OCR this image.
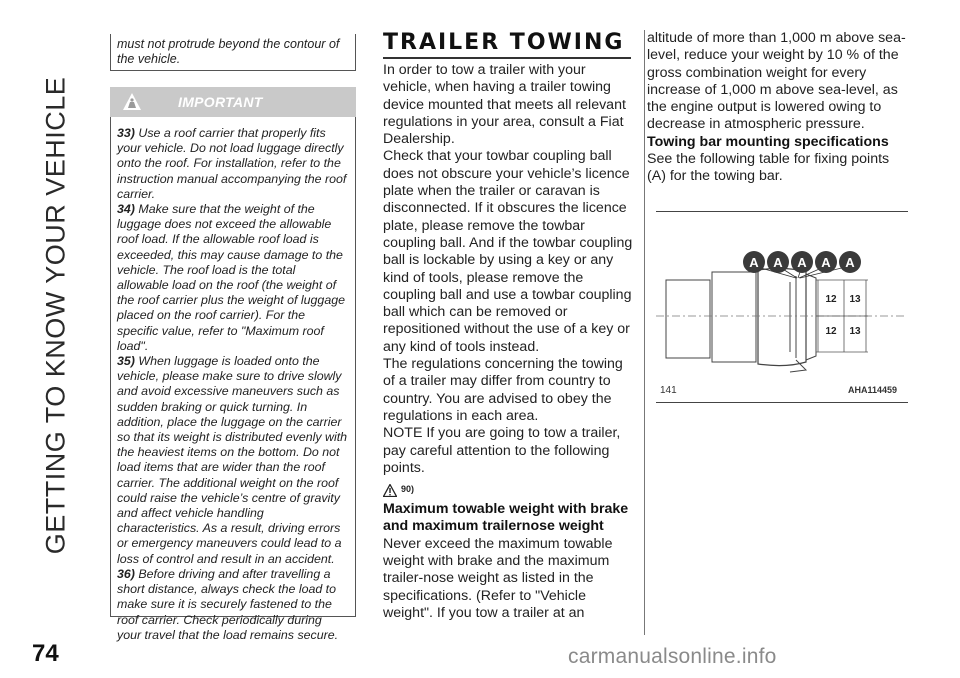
GETTING TO KNOW YOUR VEHICLE
must not protrude beyond the contour of the vehicle.
IMPORTANT

33) Use a roof carrier that properly fits your vehicle. Do not load luggage directly onto the roof. For installation, refer to the instruction manual accompanying the roof carrier.

34) Make sure that the weight of the luggage does not exceed the allowable roof load. If the allowable roof load is exceeded, this may cause damage to the vehicle. The roof load is the total allowable load on the roof (the weight of the roof carrier plus the weight of luggage placed on the roof carrier). For the specific value, refer to "Maximum roof load".

35) When luggage is loaded onto the vehicle, please make sure to drive slowly and avoid excessive maneuvers such as sudden braking or quick turning. In addition, place the luggage on the carrier so that its weight is distributed evenly with the heaviest items on the bottom. Do not load items that are wider than the roof carrier. The additional weight on the roof could raise the vehicle’s centre of gravity and affect vehicle handling characteristics. As a result, driving errors or emergency maneuvers could lead to a loss of control and result in an accident.

36) Before driving and after travelling a short distance, always check the load to make sure it is securely fastened to the roof carrier. Check periodically during your travel that the load remains secure.

TRAILER TOWING

In order to tow a trailer with your vehicle, when having a trailer towing device mounted that meets all relevant regulations in your area, consult a Fiat Dealership.

Check that your towbar coupling ball does not obscure your vehicle’s licence plate when the trailer or caravan is disconnected. If it obscures the licence plate, please remove the towbar coupling ball. And if the towbar coupling ball is lockable by using a key or any kind of tools, please remove the coupling ball and use a towbar coupling ball which can be removed or repositioned without the use of a key or any kind of tools instead.

The regulations concerning the towing of a trailer may differ from country to country. You are advised to obey the regulations in each area.

NOTE If you are going to tow a trailer, pay careful attention to the following points.

90)

Maximum towable weight with brake and maximum trailernose weight

Never exceed the maximum towable weight with brake and the maximum trailer-nose weight as listed in the specifications. (Refer to "Vehicle weight". If you tow a trailer at an

altitude of more than 1,000 m above sea-level, reduce your weight by 10 % of the gross combination weight for every increase of 1,000 m above sea-level, as the engine output is lowered owing to decrease in atmospheric pressure.

Towing bar mounting specifications

See the following table for fixing points (A) for the towing bar.

A A A A A
12 13
12 13
141	AHA114459
74	carmanualsonline.info
